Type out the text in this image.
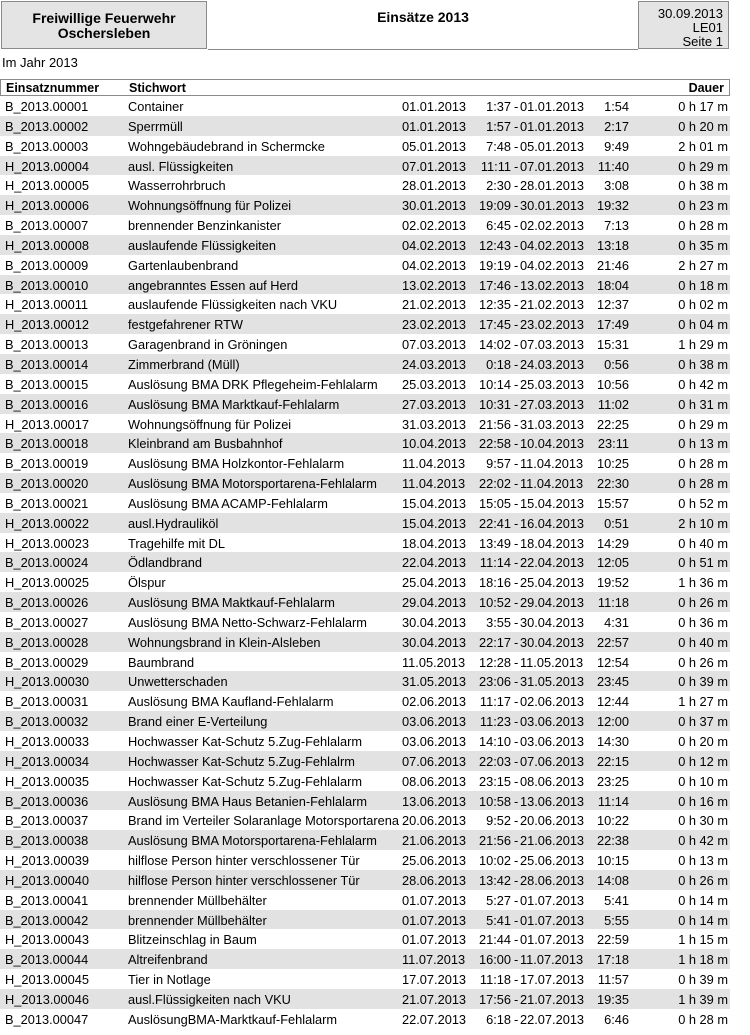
Freiwillige Feuerwehr
Oschersleben
Einsätze 2013	30.09.2013
LE01
Seite 1
Im Jahr 2013
Einsatznummer Stichwort	Dauer
B_2013.00001	Container	01.01.2013	1:37 - 01.01.2013	1:54	0 h 17 m
B_2013.00002	Sperrmüll	01.01.2013	1:57 - 01.01.2013	2:17	0 h 20 m
B_2013.00003	Wohngebäudebrand in Schermcke	05.01.2013	7:48 - 05.01.2013	9:49	2 h 01 m
H_2013.00004	ausl. Flüssigkeiten	07.01.2013	11:11 - 07.01.2013	11:40	0 h 29 m
H_2013.00005	Wasserrohrbruch	28.01.2013	2:30 - 28.01.2013	3:08	0 h 38 m
H_2013.00006	Wohnungsöffnung für Polizei	30.01.2013	19:09 - 30.01.2013	19:32	0 h 23 m
B_2013.00007	brennender Benzinkanister	02.02.2013	6:45 - 02.02.2013	7:13	0 h 28 m
H_2013.00008	auslaufende Flüssigkeiten	04.02.2013	12:43 - 04.02.2013	13:18	0 h 35 m
B_2013.00009	Gartenlaubenbrand	04.02.2013	19:19 - 04.02.2013	21:46	2 h 27 m
B_2013.00010	angebranntes Essen auf Herd	13.02.2013	17:46 - 13.02.2013	18:04	0 h 18 m
H_2013.00011	auslaufende Flüssigkeiten nach VKU	21.02.2013	12:35 - 21.02.2013	12:37	0 h 02 m
H_2013.00012	festgefahrener RTW	23.02.2013	17:45 - 23.02.2013	17:49	0 h 04 m
B_2013.00013	Garagenbrand in Gröningen	07.03.2013	14:02 - 07.03.2013	15:31	1 h 29 m
B_2013.00014	Zimmerbrand (Müll)	24.03.2013	0:18 - 24.03.2013	0:56	0 h 38 m
B_2013.00015	Auslösung BMA DRK Pflegeheim-Fehlalarm 25.03.2013	10:14 - 25.03.2013	10:56	0 h 42 m
B_2013.00016	Auslösung BMA Marktkauf-Fehlalarm	27.03.2013	10:31 - 27.03.2013	11:02	0 h 31 m
H_2013.00017	Wohnungsöffnung für Polizei	31.03.2013	21:56 - 31.03.2013	22:25	0 h 29 m
B_2013.00018	Kleinbrand am Busbahnhof	10.04.2013	22:58 - 10.04.2013	23:11	0 h 13 m
B_2013.00019	Auslösung BMA Holzkontor-Fehlalarm	11.04.2013	9:57 - 11.04.2013	10:25	0 h 28 m
B_2013.00020	Auslösung BMA Motorsportarena-Fehlalarm 11.04.2013	22:02 - 11.04.2013	22:30	0 h 28 m
B_2013.00021	Auslösung BMA ACAMP-Fehlalarm	15.04.2013	15:05 - 15.04.2013	15:57	0 h 52 m
H_2013.00022	ausl.Hydrauliköl	15.04.2013	22:41 - 16.04.2013	0:51	2 h 10 m
H_2013.00023	Tragehilfe mit DL	18.04.2013	13:49 - 18.04.2013	14:29	0 h 40 m
B_2013.00024	Ödlandbrand	22.04.2013	11:14 - 22.04.2013	12:05	0 h 51 m
H_2013.00025	Ölspur	25.04.2013	18:16 - 25.04.2013	19:52	1 h 36 m
B_2013.00026	Auslösung BMA Maktkauf-Fehlalarm	29.04.2013	10:52 - 29.04.2013	11:18	0 h 26 m
B_2013.00027	Auslösung BMA Netto-Schwarz-Fehlalarm	30.04.2013	3:55 - 30.04.2013	4:31	0 h 36 m
B_2013.00028	Wohnungsbrand in Klein-Alsleben	30.04.2013	22:17 - 30.04.2013	22:57	0 h 40 m
B_2013.00029	Baumbrand	11.05.2013	12:28 - 11.05.2013	12:54	0 h 26 m
H_2013.00030	Unwetterschaden	31.05.2013	23:06 - 31.05.2013	23:45	0 h 39 m
B_2013.00031	Auslösung BMA Kaufland-Fehlalarm	02.06.2013	11:17 - 02.06.2013	12:44	1 h 27 m
B_2013.00032	Brand einer E-Verteilung	03.06.2013	11:23 - 03.06.2013	12:00	0 h 37 m
H_2013.00033	Hochwasser Kat-Schutz 5.Zug-Fehlalarm	03.06.2013	14:10 - 03.06.2013	14:30	0 h 20 m
H_2013.00034	Hochwasser Kat-Schutz 5.Zug-Fehlalrm	07.06.2013	22:03 - 07.06.2013	22:15	0 h 12 m
H_2013.00035	Hochwasser Kat-Schutz 5.Zug-Fehlalarm	08.06.2013	23:15 - 08.06.2013	23:25	0 h 10 m
B_2013.00036	Auslösung BMA Haus Betanien-Fehlalarm	13.06.2013	10:58 - 13.06.2013	11:14	0 h 16 m
B_2013.00037	Brand im Verteiler Solaranlage Motorsportarena 20.06.2013	9:52 - 20.06.2013	10:22	0 h 30 m
B_2013.00038	Auslösung BMA Motorsportarena-Fehlalarm 21.06.2013	21:56 - 21.06.2013	22:38	0 h 42 m
H_2013.00039	hilflose Person hinter verschlossener Tür	25.06.2013	10:02 - 25.06.2013	10:15	0 h 13 m
H_2013.00040	hilflose Person hinter verschlossener Tür	28.06.2013	13:42 - 28.06.2013	14:08	0 h 26 m
B_2013.00041	brennender Müllbehälter	01.07.2013	5:27 - 01.07.2013	5:41	0 h 14 m
B_2013.00042	brennender Müllbehälter	01.07.2013	5:41 - 01.07.2013	5:55	0 h 14 m
H_2013.00043	Blitzeinschlag in Baum	01.07.2013	21:44 - 01.07.2013	22:59	1 h 15 m
B_2013.00044	Altreifenbrand	11.07.2013	16:00 - 11.07.2013	17:18	1 h 18 m
H_2013.00045	Tier in Notlage	17.07.2013	11:18 - 17.07.2013	11:57	0 h 39 m
H_2013.00046	ausl.Flüssigkeiten nach VKU	21.07.2013	17:56 - 21.07.2013	19:35	1 h 39 m
B_2013.00047	AuslösungBMA-Marktkauf-Fehlalarm	22.07.2013	6:18 - 22.07.2013	6:46	0 h 28 m
